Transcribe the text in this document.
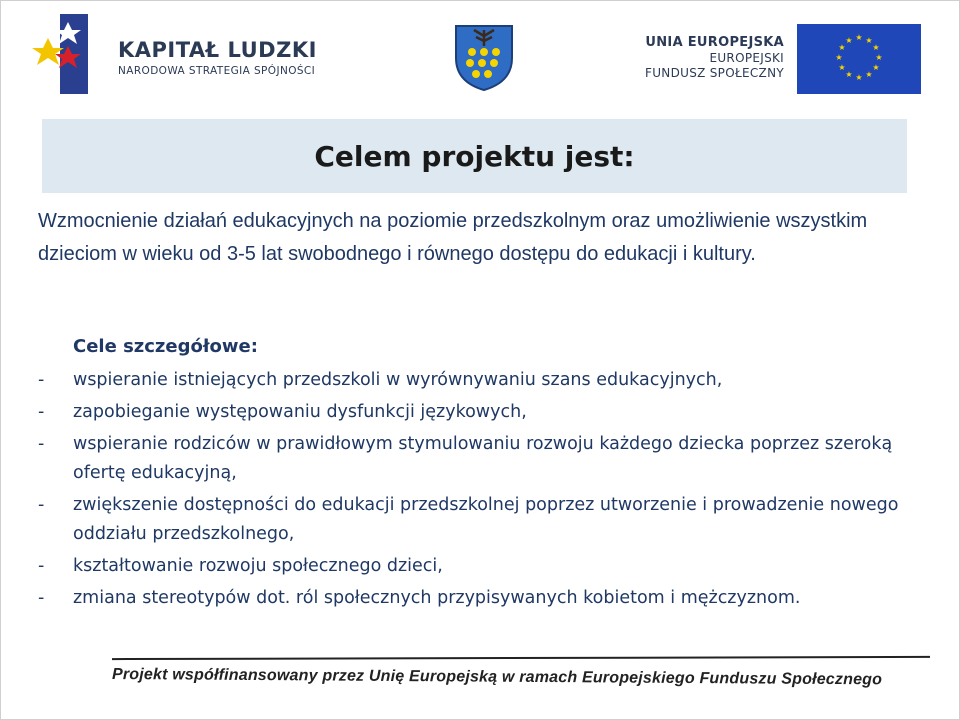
KAPITAŁ LUDZKI
NARODOWA STRATEGIA SPÓJNOŚCI
UNIA EUROPEJSKA
EUROPEJSKI
FUNDUSZ SPOŁECZNY
★ ★
★
★
★
★
★
★
★
★
★
★
Celem projektu jest:
Wzmocnienie działań edukacyjnych na poziomie przedszkolnym oraz umożliwienie wszystkim dzieciom w wieku od 3-5 lat swobodnego i równego dostępu do edukacji i kultury.
Cele szczegółowe:
-	wspieranie istniejących przedszkoli w wyrównywaniu szans edukacyjnych,
-	zapobieganie występowaniu dysfunkcji językowych,
-	wspieranie rodziców w prawidłowym stymulowaniu rozwoju każdego dziecka poprzez szeroką ofertę edukacyjną,
-	zwiększenie dostępności do edukacji przedszkolnej poprzez utworzenie i prowadzenie nowego oddziału przedszkolnego,
-	kształtowanie rozwoju społecznego dzieci,
-	zmiana stereotypów dot. ról społecznych przypisywanych kobietom i mężczyznom.
Projekt współfinansowany przez Unię Europejską w ramach Europejskiego Funduszu Społecznego
